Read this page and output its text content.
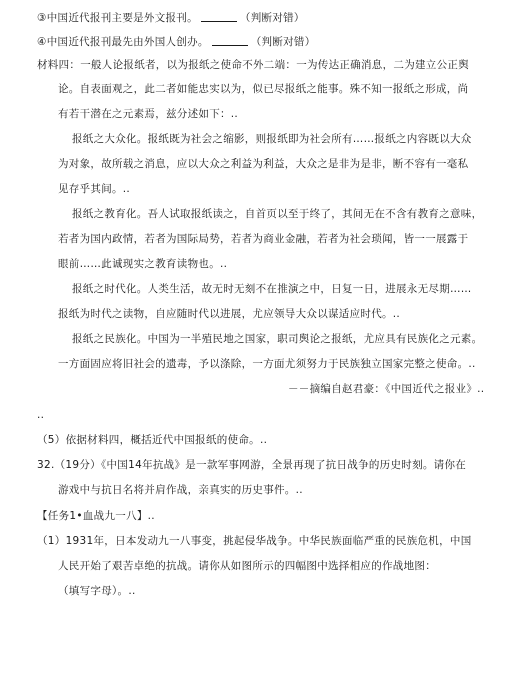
③中国近代报刊主要是外文报刊。	（判断对错）
④中国近代报刊最先由外国人创办。	（判断对错）
材料四：一般人论报纸者，以为报纸之使命不外二端：一为传达正确消息，二为建立公正舆
论。自表面观之，此二者如能忠实以为，似已尽报纸之能事。殊不知一报纸之形成，尚
有若干潜在之元素焉，兹分述如下：..
报纸之大众化。报纸既为社会之缩影，则报纸即为社会所有……报纸之内容既以大众
为对象，故所载之消息，应以大众之利益为利益，大众之是非为是非，断不容有一毫私
见存乎其间。..
报纸之教育化。吾人试取报纸读之，自首页以至于终了，其间无在不含有教育之意味，
若者为国内政情，若者为国际局势，若者为商业金融，若者为社会琐闻，皆一一展露于
眼前……此诚现实之教育读物也。..
报纸之时代化。人类生活，故无时无刻不在推演之中，日复一日，进展永无尽期……
报纸为时代之读物，自应随时代以进展，尤应领导大众以谋适应时代。..
报纸之民族化。中国为一半殖民地之国家，职司舆论之报纸，尤应具有民族化之元素。
一方面固应将旧社会的遗毒，予以涤除，一方面尤须努力于民族独立国家完整之使命。..
－－摘编自赵君豪：《中国近代之报业》..
..
（5）依据材料四，概括近代中国报纸的使命。..
32.（19分）《中国14年抗战》是一款军事网游，全景再现了抗日战争的历史时刻。请你在
游戏中与抗日名将并肩作战，亲真实的历史事件。..
【任务1•血战九一八】..
（1）1931年，日本发动九一八事变，挑起侵华战争。中华民族面临严重的民族危机，中国
人民开始了艰苦卓绝的抗战。请你从如图所示的四幅图中选择相应的作战地图：
（填写字母）。..
